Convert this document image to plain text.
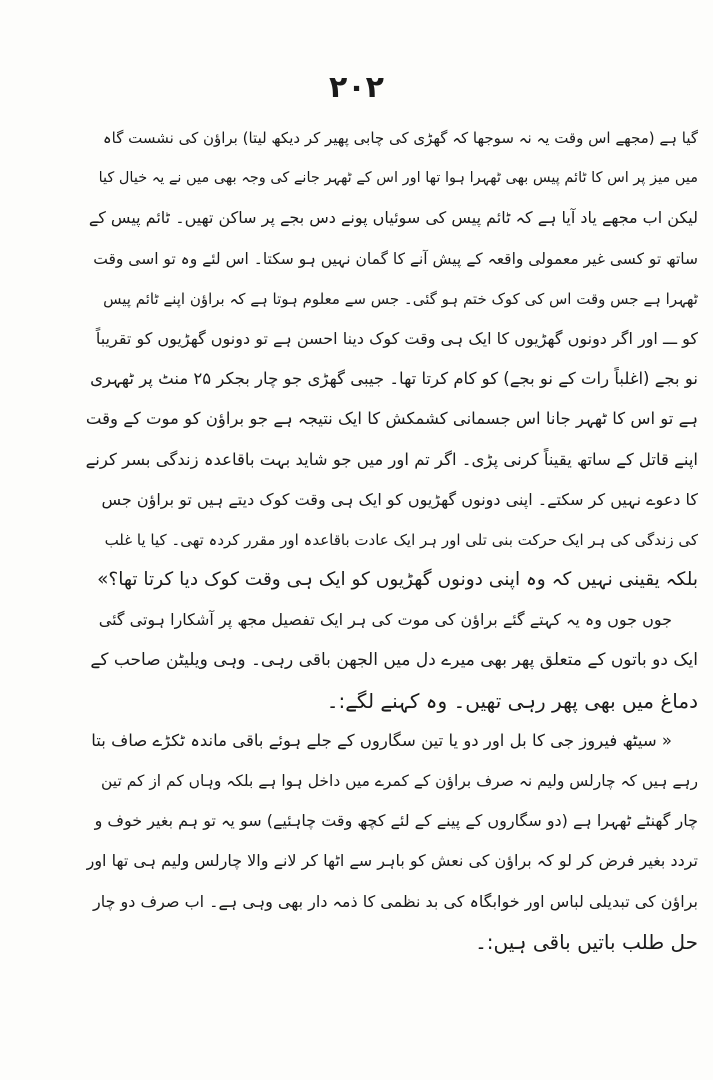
۲۰۲
گیا ہے (مجھے اس وقت یہ نہ سوجھا کہ گھڑی کی چابی پھیر کر دیکھ لیتا) براؤن کی نشست گاہ
میں میز پر اس کا ٹائم پیس بھی ٹھہرا ہوا تھا اور اس کے ٹھہر جانے کی وجہ بھی میں نے یہ خیال کیا
لیکن اب مجھے یاد آیا ہے کہ ٹائم پیس کی سوئیاں پونے دس بجے پر ساکن تھیں۔ ٹائم پیس کے
ساتھ تو کسی غیر معمولی واقعہ کے پیش آنے کا گمان نہیں ہو سکتا۔ اس لئے وہ تو اسی وقت
ٹھہرا ہے جس وقت اس کی کوک ختم ہو گئی۔ جس سے معلوم ہوتا ہے کہ براؤن اپنے ٹائم پیس
کو ـــ اور اگر دونوں گھڑیوں کا ایک ہی وقت کوک دینا احسن ہے تو دونوں گھڑیوں کو تقریباً
نو بجے (اغلباً رات کے نو بجے) کو کام کرتا تھا۔ جیبی گھڑی جو چار بجکر ۲۵ منٹ پر ٹھہری
ہے تو اس کا ٹھہر جانا اس جسمانی کشمکش کا ایک نتیجہ ہے جو براؤن کو موت کے وقت
اپنے قاتل کے ساتھ یقیناً کرنی پڑی۔ اگر تم اور میں جو شاید بہت باقاعدہ زندگی بسر کرنے
کا دعوے نہیں کر سکتے۔ اپنی دونوں گھڑیوں کو ایک ہی وقت کوک دیتے ہیں تو براؤن جس
کی زندگی کی ہر ایک حرکت بنی تلی اور ہر ایک عادت باقاعدہ اور مقرر کردہ تھی۔ کیا یا غلب
بلکہ یقینی نہیں کہ وہ اپنی دونوں گھڑیوں کو ایک ہی وقت کوک دیا کرتا تھا؟»
جوں جوں وہ یہ کہتے گئے براؤن کی موت کی ہر ایک تفصیل مجھ پر آشکارا ہوتی گئی
ایک دو باتوں کے متعلق پھر بھی میرے دل میں الجھن باقی رہی۔ وہی ویلیٹن صاحب کے
دماغ میں بھی پھر رہی تھیں۔ وہ کہنے لگے:۔
« سیٹھ فیروز جی کا بل اور دو یا تین سگاروں کے جلے ہوئے باقی ماندہ ٹکڑے صاف بتا
رہے ہیں کہ چارلس ولیم نہ صرف براؤن کے کمرے میں داخل ہوا ہے بلکہ وہاں کم از کم تین
چار گھنٹے ٹھہرا ہے (دو سگاروں کے پینے کے لئے کچھ وقت چاہئیے) سو یہ تو ہم بغیر خوف و
تردد بغیر فرض کر لو کہ براؤن کی نعش کو باہر سے اٹھا کر لانے والا چارلس ولیم ہی تھا اور
براؤن کی تبدیلی لباس اور خوابگاہ کی بد نظمی کا ذمہ دار بھی وہی ہے۔ اب صرف دو چار
حل طلب باتیں باقی ہیں:۔
